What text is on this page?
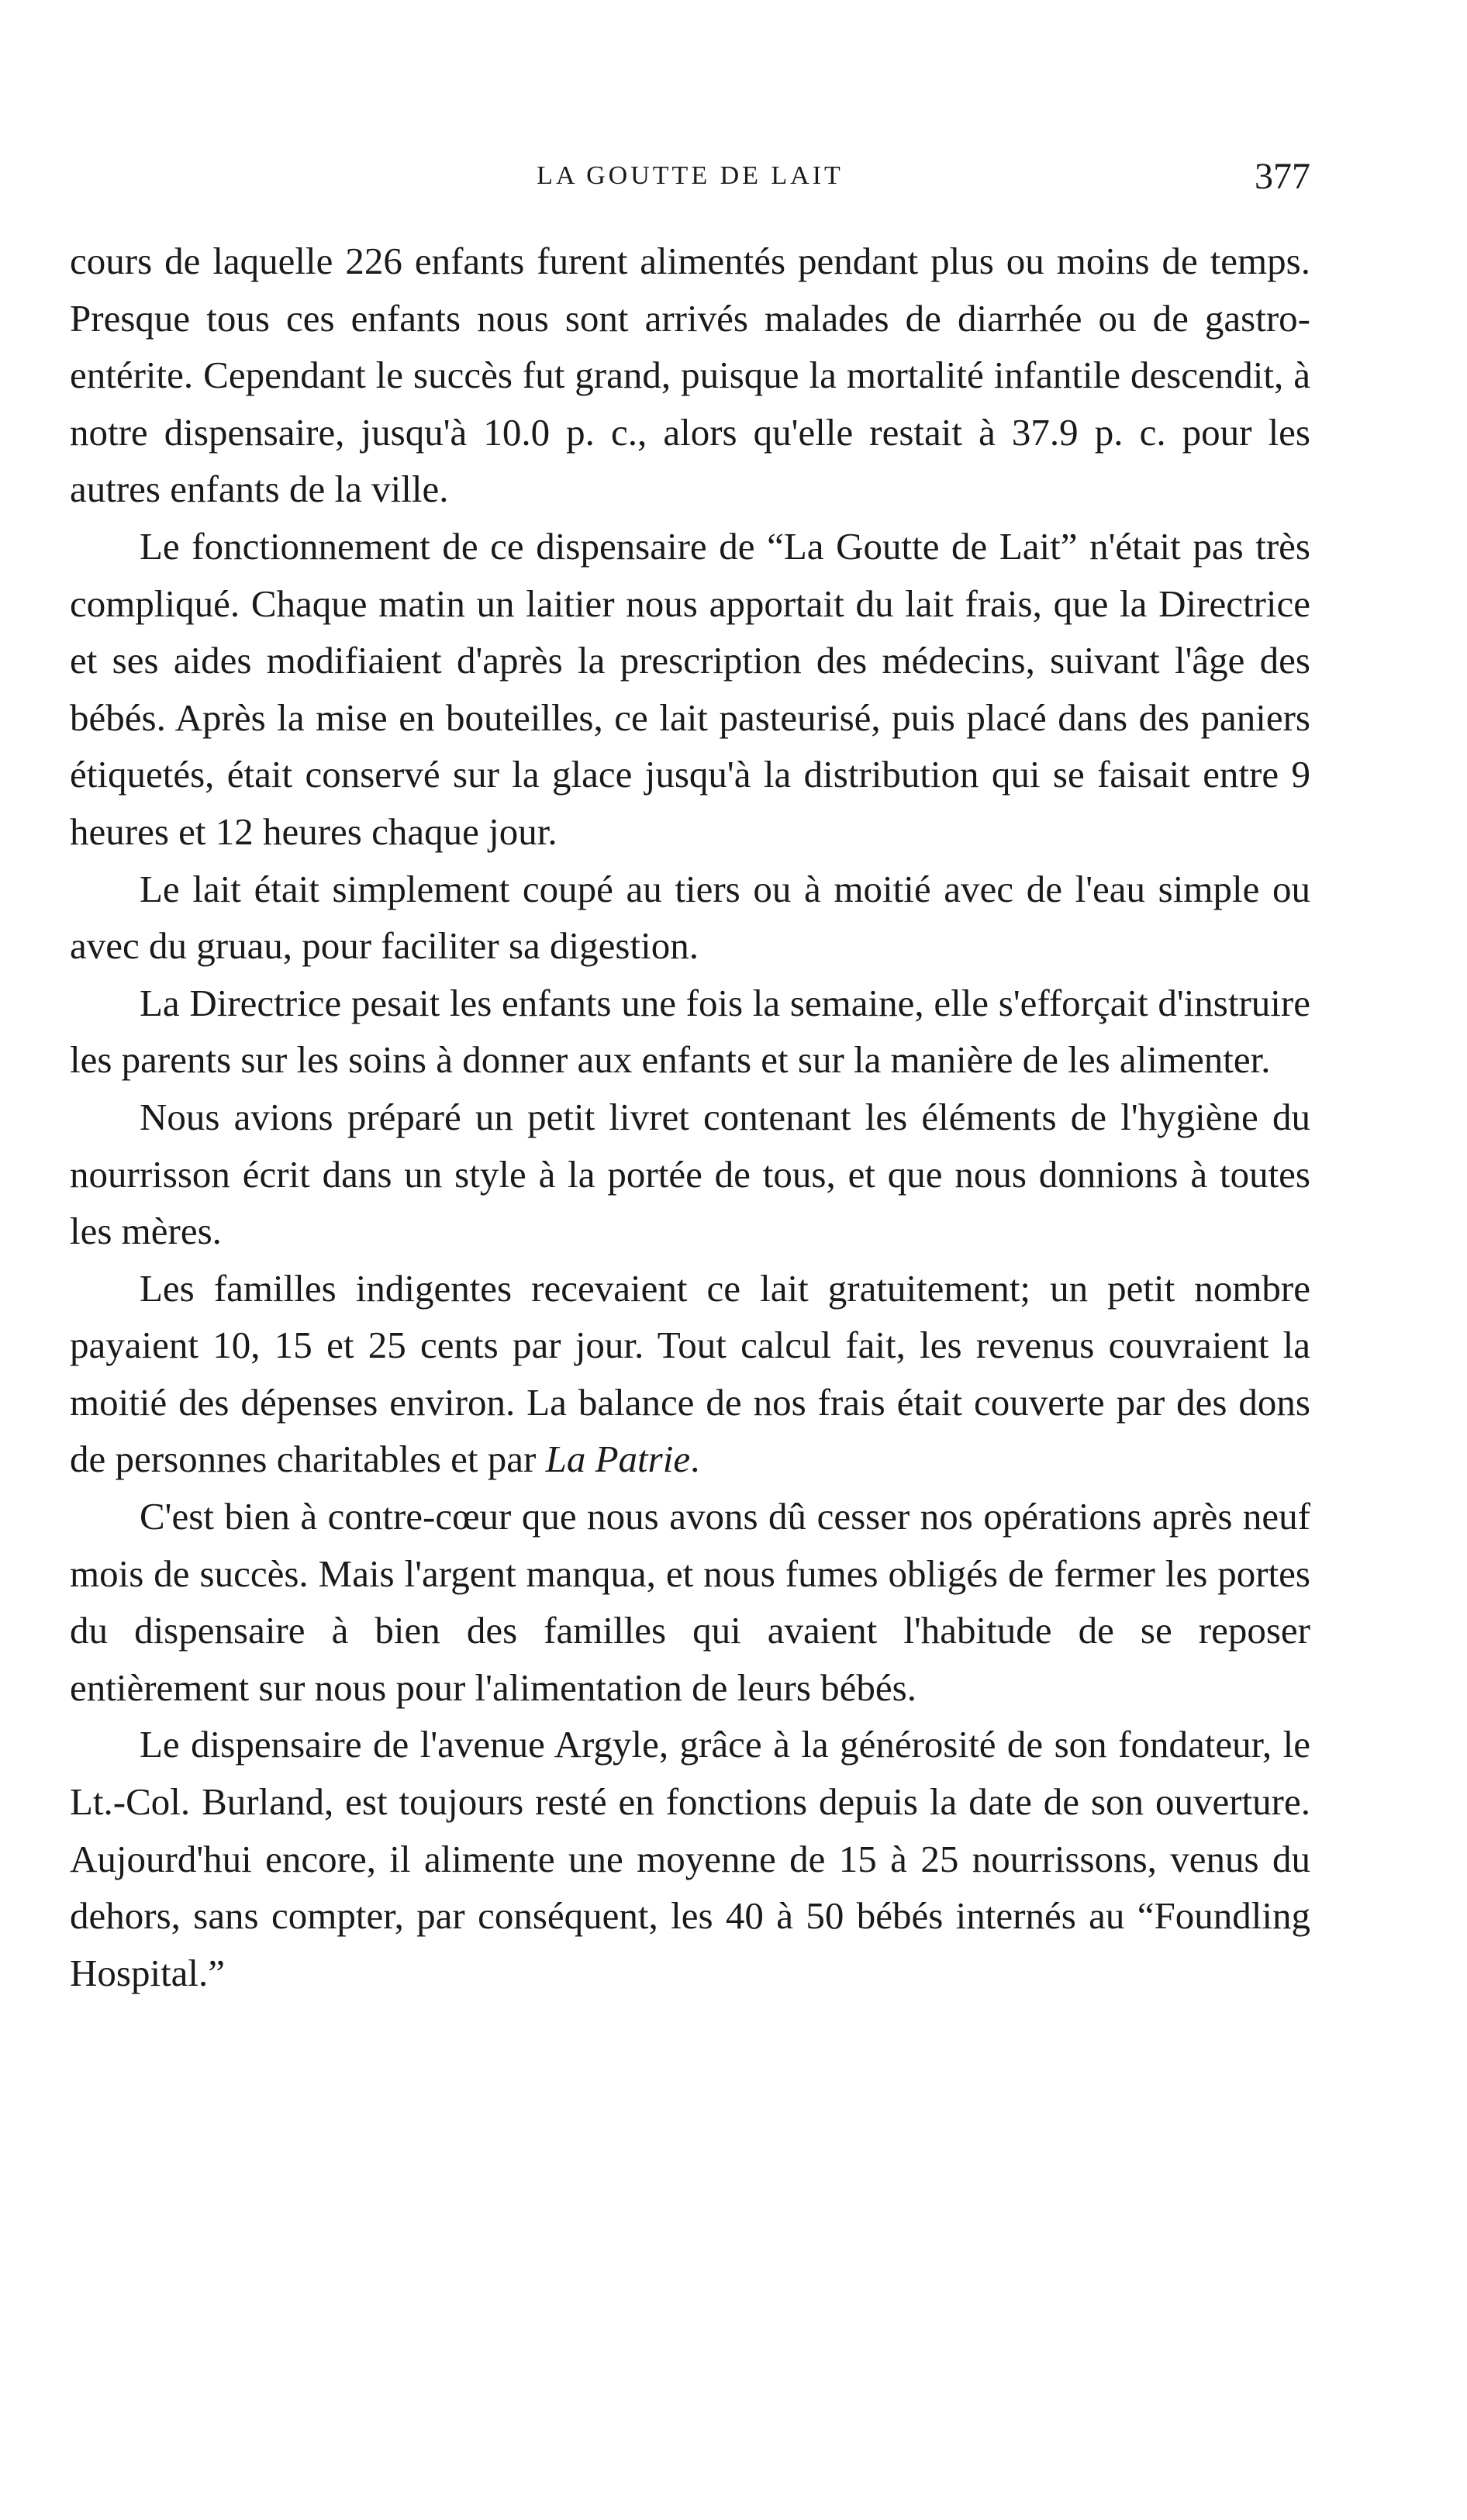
LA GOUTTE DE LAIT	377

cours de laquelle 226 enfants furent alimentés pendant plus ou moins de temps. Presque tous ces enfants nous sont arrivés malades de diarrhée ou de gastro-entérite. Cependant le succès fut grand, puisque la mortalité infantile descendit, à notre dispensaire, jusqu'à 10.0 p. c., alors qu'elle restait à 37.9 p. c. pour les autres enfants de la ville.

Le fonctionnement de ce dispensaire de “La Goutte de Lait” n'était pas très compliqué. Chaque matin un laitier nous apportait du lait frais, que la Directrice et ses aides modifiaient d'après la prescription des médecins, suivant l'âge des bébés. Après la mise en bouteilles, ce lait pasteurisé, puis placé dans des paniers étiquetés, était conservé sur la glace jusqu'à la distribution qui se faisait entre 9 heures et 12 heures chaque jour.

Le lait était simplement coupé au tiers ou à moitié avec de l'eau simple ou avec du gruau, pour faciliter sa digestion.

La Directrice pesait les enfants une fois la semaine, elle s'efforçait d'instruire les parents sur les soins à donner aux enfants et sur la manière de les alimenter.

Nous avions préparé un petit livret contenant les éléments de l'hygiène du nourrisson écrit dans un style à la portée de tous, et que nous donnions à toutes les mères.

Les familles indigentes recevaient ce lait gratuitement; un petit nombre payaient 10, 15 et 25 cents par jour. Tout calcul fait, les revenus couvraient la moitié des dépenses environ. La balance de nos frais était couverte par des dons de personnes charitables et par La Patrie.

C'est bien à contre-cœur que nous avons dû cesser nos opérations après neuf mois de succès. Mais l'argent manqua, et nous fumes obligés de fermer les portes du dispensaire à bien des familles qui avaient l'habitude de se reposer entièrement sur nous pour l'alimentation de leurs bébés.

Le dispensaire de l'avenue Argyle, grâce à la générosité de son fondateur, le Lt.-Col. Burland, est toujours resté en fonctions depuis la date de son ouverture. Aujourd'hui encore, il alimente une moyenne de 15 à 25 nourrissons, venus du dehors, sans compter, par conséquent, les 40 à 50 bébés internés au “Foundling Hospital.”
